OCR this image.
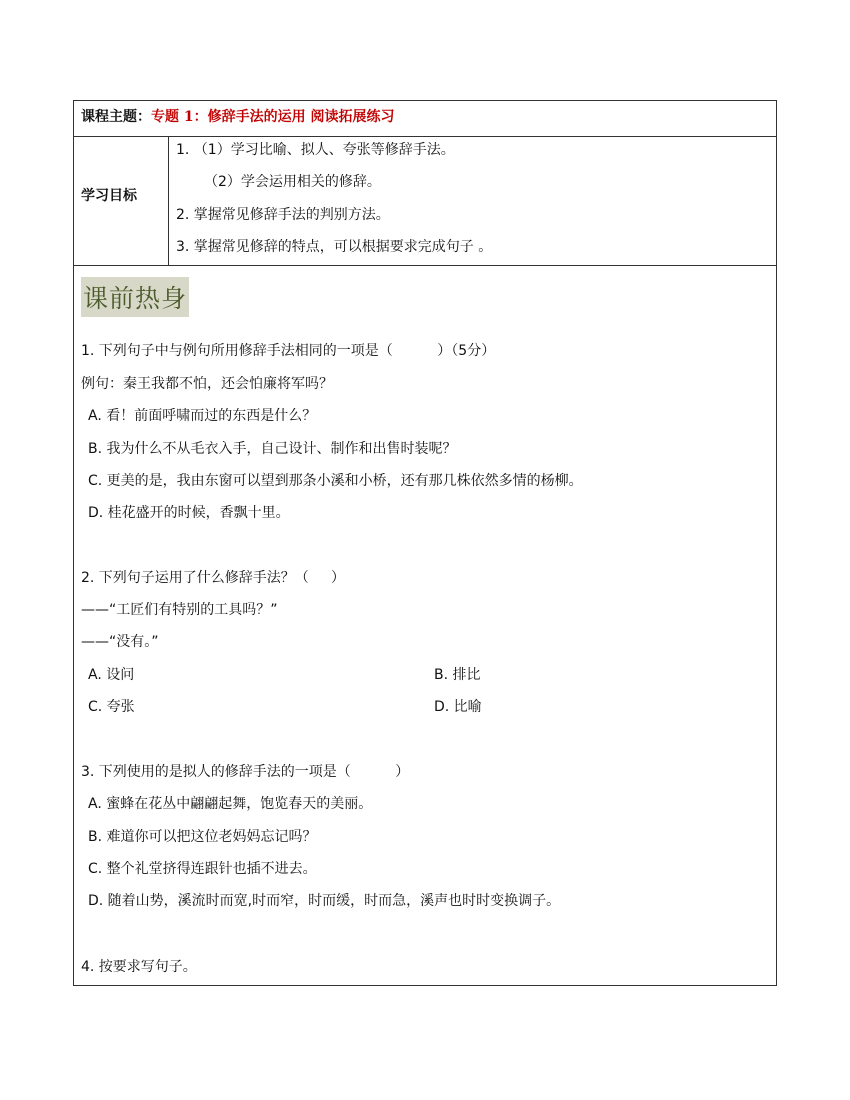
课程主题：专题 1：修辞手法的运用 阅读拓展练习
学习目标
1. （1）学习比喻、拟人、夸张等修辞手法。
（2）学会运用相关的修辞。
2. 掌握常见修辞手法的判别方法。
3. 掌握常见修辞的特点，可以根据要求完成句子 。
课前热身
1. 下列句子中与例句所用修辞手法相同的一项是（          ）（5分）
例句：秦王我都不怕，还会怕廉将军吗？
A. 看！前面呼啸而过的东西是什么？
B. 我为什么不从毛衣入手，自己设计、制作和出售时装呢？
C. 更美的是，我由东窗可以望到那条小溪和小桥，还有那几株依然多情的杨柳。
D. 桂花盛开的时候，香飘十里。
2. 下列句子运用了什么修辞手法？（     ）
——“工匠们有特别的工具吗？”
——“没有。”
A. 设问	B. 排比
C. 夸张	D. 比喻
3. 下列使用的是拟人的修辞手法的一项是（          ）
A. 蜜蜂在花丛中翩翩起舞，饱览春天的美丽。
B. 难道你可以把这位老妈妈忘记吗？
C. 整个礼堂挤得连跟针也插不进去。
D. 随着山势，溪流时而宽,时而窄，时而缓，时而急，溪声也时时变换调子。
4. 按要求写句子。
